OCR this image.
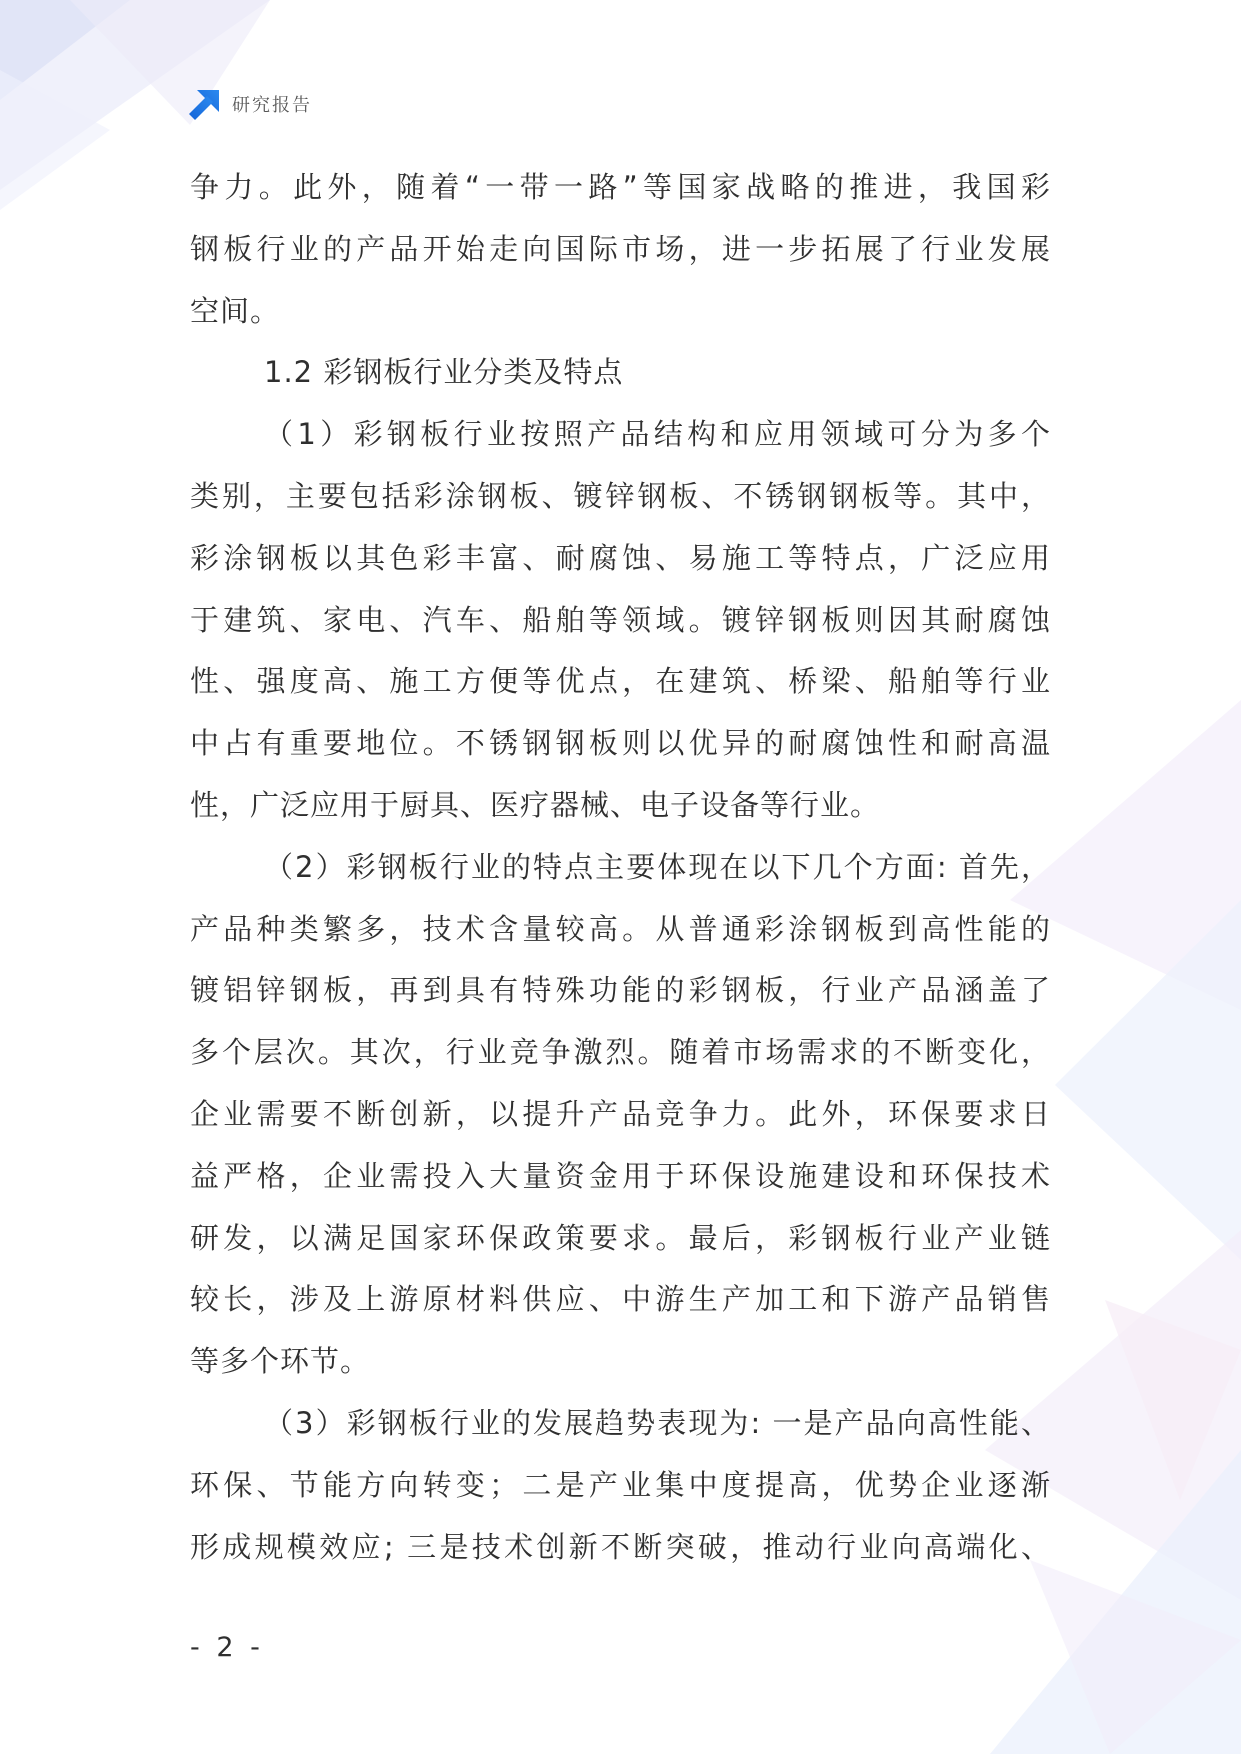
研究报告
争力。此外，随着“一带一路”等国家战略的推进，我国彩
钢板行业的产品开始走向国际市场，进一步拓展了行业发展
空间。
1.2 彩钢板行业分类及特点
（1）彩钢板行业按照产品结构和应用领域可分为多个
类别，主要包括彩涂钢板、镀锌钢板、不锈钢钢板等。其中，
彩涂钢板以其色彩丰富、耐腐蚀、易施工等特点，广泛应用
于建筑、家电、汽车、船舶等领域。镀锌钢板则因其耐腐蚀
性、强度高、施工方便等优点，在建筑、桥梁、船舶等行业
中占有重要地位。不锈钢钢板则以优异的耐腐蚀性和耐高温
性，广泛应用于厨具、医疗器械、电子设备等行业。
（2）彩钢板行业的特点主要体现在以下几个方面: 首先，
产品种类繁多，技术含量较高。从普通彩涂钢板到高性能的
镀铝锌钢板，再到具有特殊功能的彩钢板，行业产品涵盖了
多个层次。其次，行业竞争激烈。随着市场需求的不断变化，
企业需要不断创新，以提升产品竞争力。此外，环保要求日
益严格，企业需投入大量资金用于环保设施建设和环保技术
研发，以满足国家环保政策要求。最后，彩钢板行业产业链
较长，涉及上游原材料供应、中游生产加工和下游产品销售
等多个环节。
（3）彩钢板行业的发展趋势表现为: 一是产品向高性能、
环保、节能方向转变；二是产业集中度提高，优势企业逐渐
形成规模效应; 三是技术创新不断突破，推动行业向高端化、
- 2 -
